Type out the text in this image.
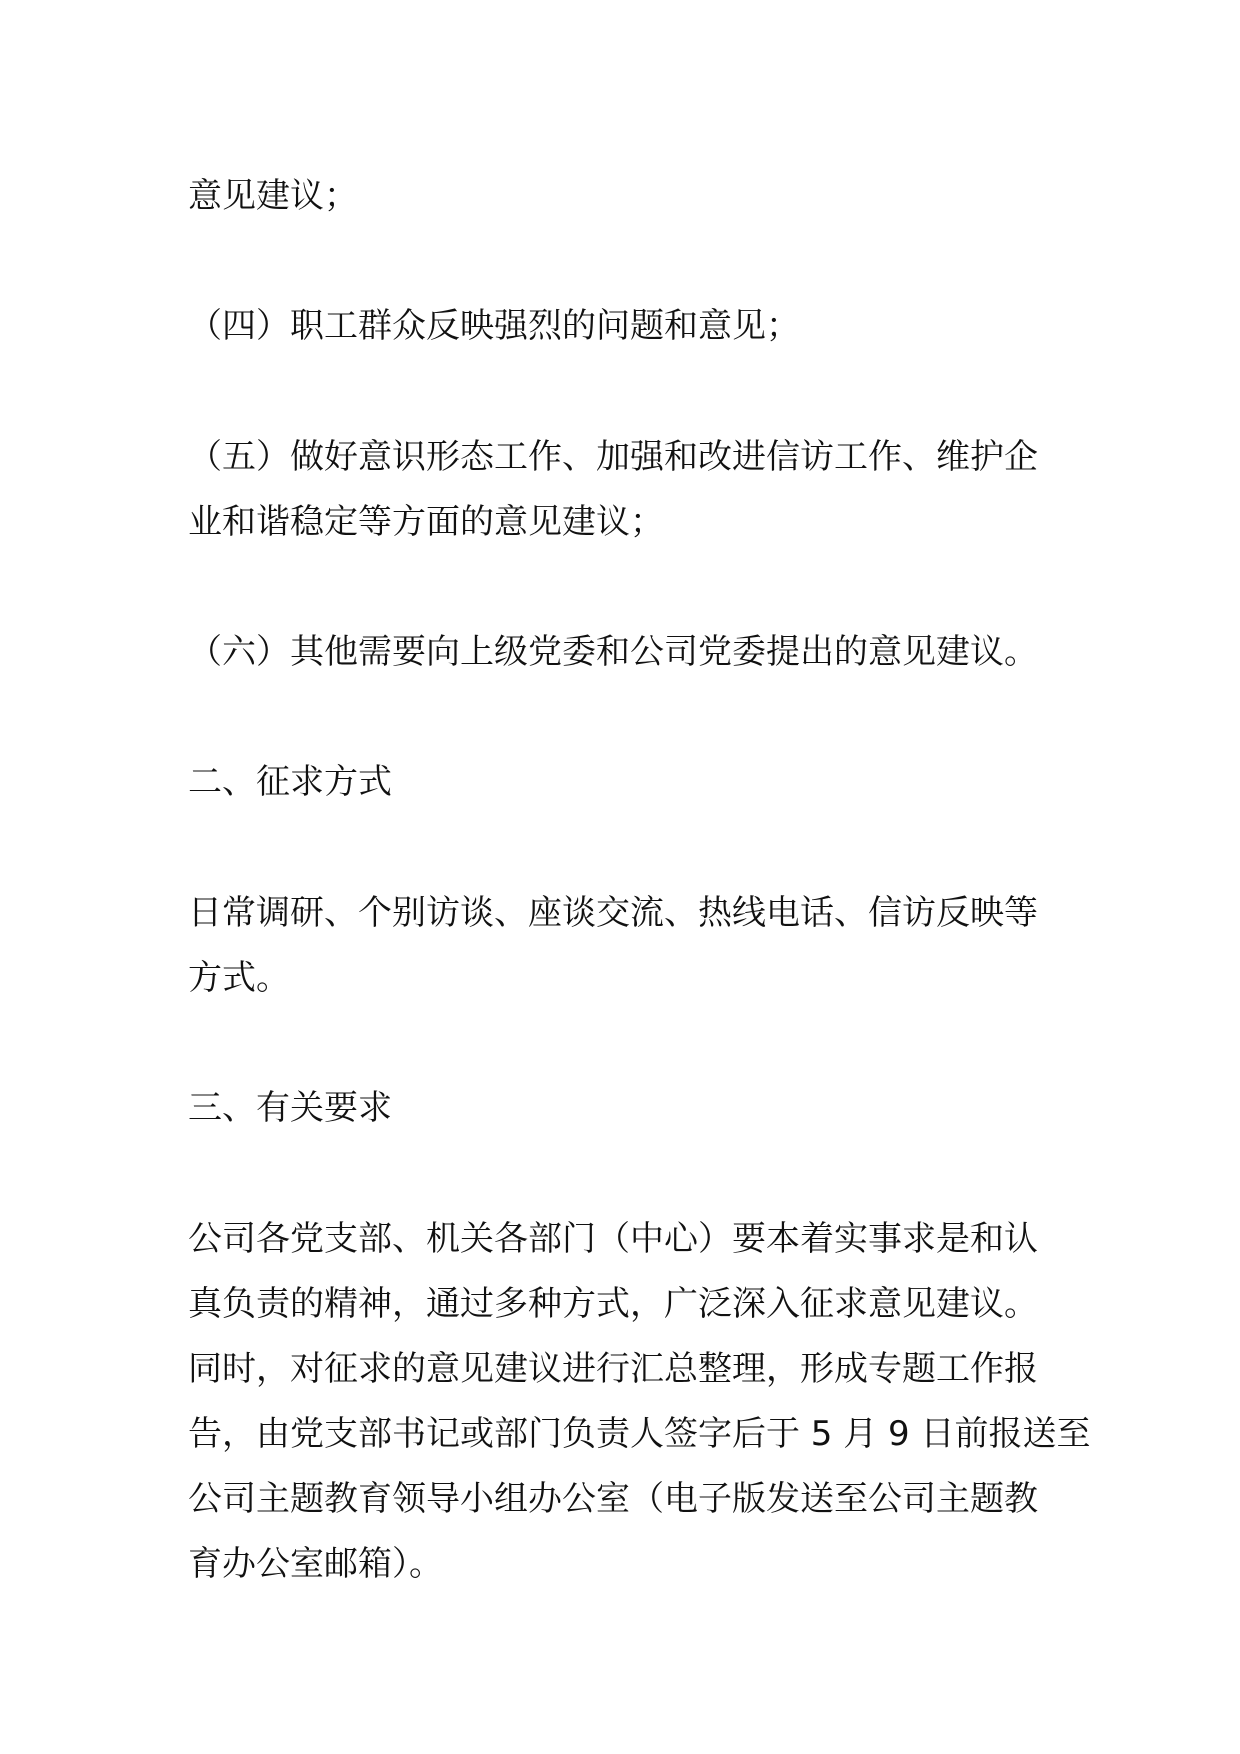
意见建议；

（四）职工群众反映强烈的问题和意见；

（五）做好意识形态工作、加强和改进信访工作、维护企

业和谐稳定等方面的意见建议；

（六）其他需要向上级党委和公司党委提出的意见建议。

二、征求方式

日常调研、个别访谈、座谈交流、热线电话、信访反映等

方式。

三、有关要求

公司各党支部、机关各部门（中心）要本着实事求是和认

真负责的精神，通过多种方式，广泛深入征求意见建议。

同时，对征求的意见建议进行汇总整理，形成专题工作报

告，由党支部书记或部门负责人签字后于 5 月 9 日前报送至

公司主题教育领导小组办公室（电子版发送至公司主题教

育办公室邮箱）。
